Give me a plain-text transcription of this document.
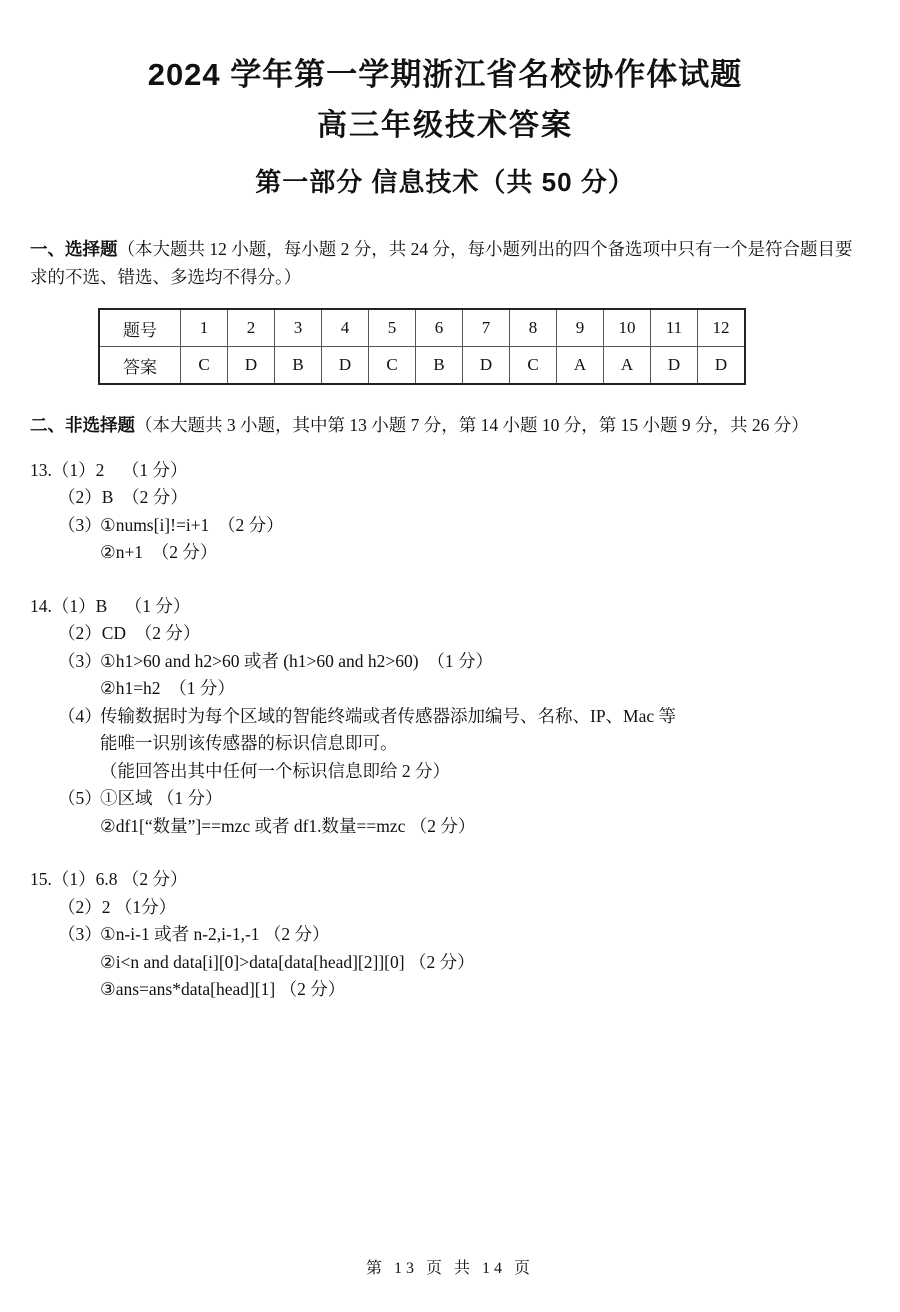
2024 学年第一学期浙江省名校协作体试题
高三年级技术答案
第一部分 信息技术（共 50 分）

一、选择题（本大题共 12 小题，每小题 2 分，共 24 分，每小题列出的四个备选项中只有一个是符合题目要求的不选、错选、多选均不得分。）

题号	1	2	3	4	5	6	7	8	9	10	11	12
答案	C	D	B	D	C	B	D	C	A	A	D	D

二、非选择题（本大题共 3 小题，其中第 13 小题 7 分，第 14 小题 10 分，第 15 小题 9 分，共 26 分）

13.（1）2    （1 分）
（2）B  （2 分）
（3）①nums[i]!=i+1  （2 分）
②n+1  （2 分）
14.（1）B    （1 分）
（2）CD  （2 分）
（3）①h1>60 and h2>60 或者 (h1>60 and h2>60)  （1 分）
②h1=h2  （1 分）
（4）传输数据时为每个区域的智能终端或者传感器添加编号、名称、IP、Mac 等
能唯一识别该传感器的标识信息即可。
（能回答出其中任何一个标识信息即给 2 分）
（5）①区域 （1 分）
②df1[“数量”]==mzc 或者 df1.数量==mzc （2 分）
15.（1）6.8 （2 分）
（2）2 （1分）
（3）①n-i-1 或者 n-2,i-1,-1 （2 分）
②i<n and data[i][0]>data[data[head][2]][0] （2 分）
③ans=ans*data[head][1] （2 分）
第 13 页 共 14 页
